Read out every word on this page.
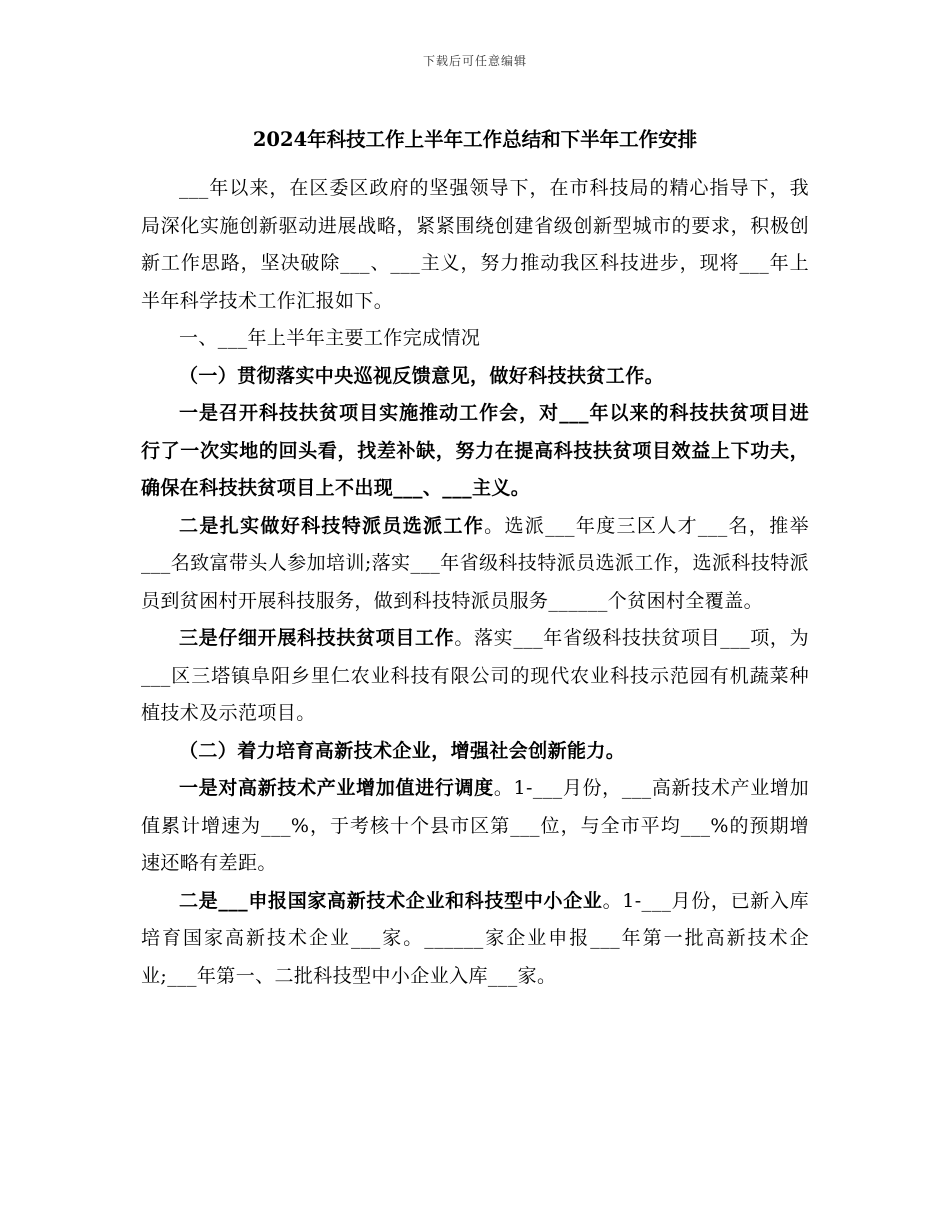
下载后可任意编辑
2024年科技工作上半年工作总结和下半年工作安排

___年以来，在区委区政府的坚强领导下，在市科技局的精心指导下，我局深化实施创新驱动进展战略，紧紧围绕创建省级创新型城市的要求，积极创新工作思路，坚决破除___、___主义，努力推动我区科技进步，现将___年上半年科学技术工作汇报如下。

一、___年上半年主要工作完成情况

（一）贯彻落实中央巡视反馈意见，做好科技扶贫工作。

一是召开科技扶贫项目实施推动工作会，对___年以来的科技扶贫项目进行了一次实地的回头看，找差补缺，努力在提高科技扶贫项目效益上下功夫，确保在科技扶贫项目上不出现___、___主义。

二是扎实做好科技特派员选派工作。选派___年度三区人才___名，推举___名致富带头人参加培训;落实___年省级科技特派员选派工作，选派科技特派员到贫困村开展科技服务，做到科技特派员服务______个贫困村全覆盖。

三是仔细开展科技扶贫项目工作。落实___年省级科技扶贫项目___项，为___区三塔镇阜阳乡里仁农业科技有限公司的现代农业科技示范园有机蔬菜种植技术及示范项目。

（二）着力培育高新技术企业，增强社会创新能力。

一是对高新技术产业增加值进行调度。1-___月份，___高新技术产业增加值累计增速为___%，于考核十个县市区第___位，与全市平均___%的预期增速还略有差距。

二是___申报国家高新技术企业和科技型中小企业。1-___月份，已新入库培育国家高新技术企业___家。______家企业申报___年第一批高新技术企业;___年第一、二批科技型中小企业入库___家。
